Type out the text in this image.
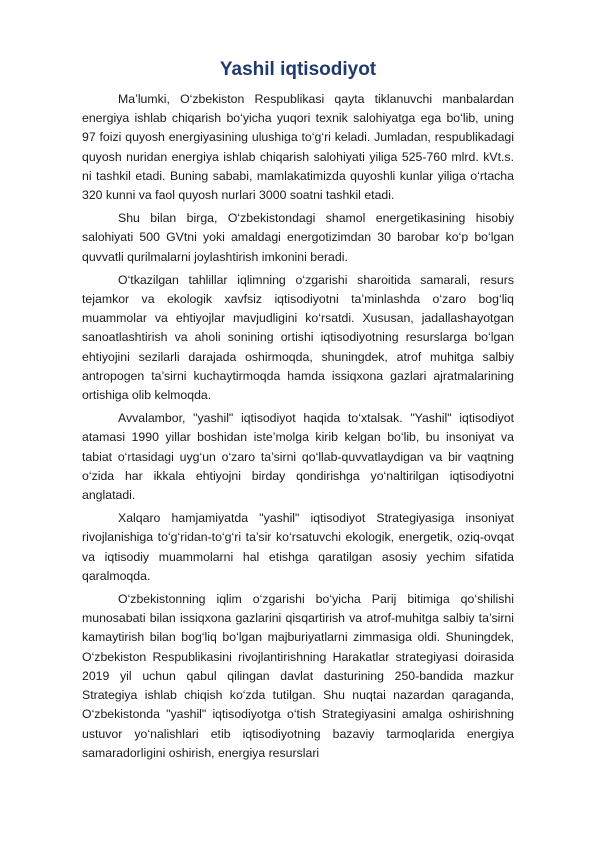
Yashil iqtisodiyot

Ma’lumki, O‘zbekiston Respublikasi qayta tiklanuvchi manbalardan energiya ishlab chiqarish bo‘yicha yuqori texnik salohiyatga ega bo‘lib, uning 97 foizi quyosh energiyasining ulushiga to‘g‘ri keladi. Jumladan, respublikadagi quyosh nuridan energiya ishlab chiqarish salohiyati yiliga 525-760 mlrd. kVt.s. ni tashkil etadi. Buning sababi, mamlakatimizda quyoshli kunlar yiliga o‘rtacha 320 kunni va faol quyosh nurlari 3000 soatni tashkil etadi.

Shu bilan birga, O‘zbekistondagi shamol energetikasining hisobiy salohiyati 500 GVtni yoki amaldagi energotizimdan 30 barobar ko‘p bo‘lgan quvvatli qurilmalarni joylashtirish imkonini beradi.

O‘tkazilgan tahlillar iqlimning o‘zgarishi sharoitida samarali, resurs tejamkor va ekologik xavfsiz iqtisodiyotni ta’minlashda o‘zaro bog‘liq muammolar va ehtiyojlar mavjudligini ko‘rsatdi. Xususan, jadallashayotgan sanoatlashtirish va aholi sonining ortishi iqtisodiyotning resurslarga bo‘lgan ehtiyojini sezilarli darajada oshirmoqda, shuningdek, atrof muhitga salbiy antropogen ta’sirni kuchaytirmoqda hamda issiqxona gazlari ajratmalarining ortishiga olib kelmoqda.

Avvalambor, "yashil" iqtisodiyot haqida to‘xtalsak. "Yashil" iqtisodiyot atamasi 1990 yillar boshidan iste’molga kirib kelgan bo‘lib, bu insoniyat va tabiat o‘rtasidagi uyg‘un o‘zaro ta’sirni qo‘llab-quvvatlaydigan va bir vaqtning o‘zida har ikkala ehtiyojni birday qondirishga yo‘naltirilgan iqtisodiyotni anglatadi.

Xalqaro hamjamiyatda "yashil" iqtisodiyot Strategiyasiga insoniyat rivojlanishiga to‘g‘ridan-to‘g‘ri ta’sir ko‘rsatuvchi ekologik, energetik, oziq-ovqat va iqtisodiy muammolarni hal etishga qaratilgan asosiy yechim sifatida qaralmoqda.

O‘zbekistonning iqlim o‘zgarishi bo‘yicha Parij bitimiga qo‘shilishi munosabati bilan issiqxona gazlarini qisqartirish va atrof-muhitga salbiy ta’sirni kamaytirish bilan bog‘liq bo‘lgan majburiyatlarni zimmasiga oldi. Shuningdek, O‘zbekiston Respublikasini rivojlantirishning Harakatlar strategiyasi doirasida 2019 yil uchun qabul qilingan davlat dasturining 250-bandida mazkur Strategiya ishlab chiqish ko‘zda tutilgan. Shu nuqtai nazardan qaraganda, O‘zbekistonda "yashil" iqtisodiyotga o‘tish Strategiyasini amalga oshirishning ustuvor yo‘nalishlari etib iqtisodiyotning bazaviy tarmoqlarida energiya samaradorligini oshirish, energiya resurslari
